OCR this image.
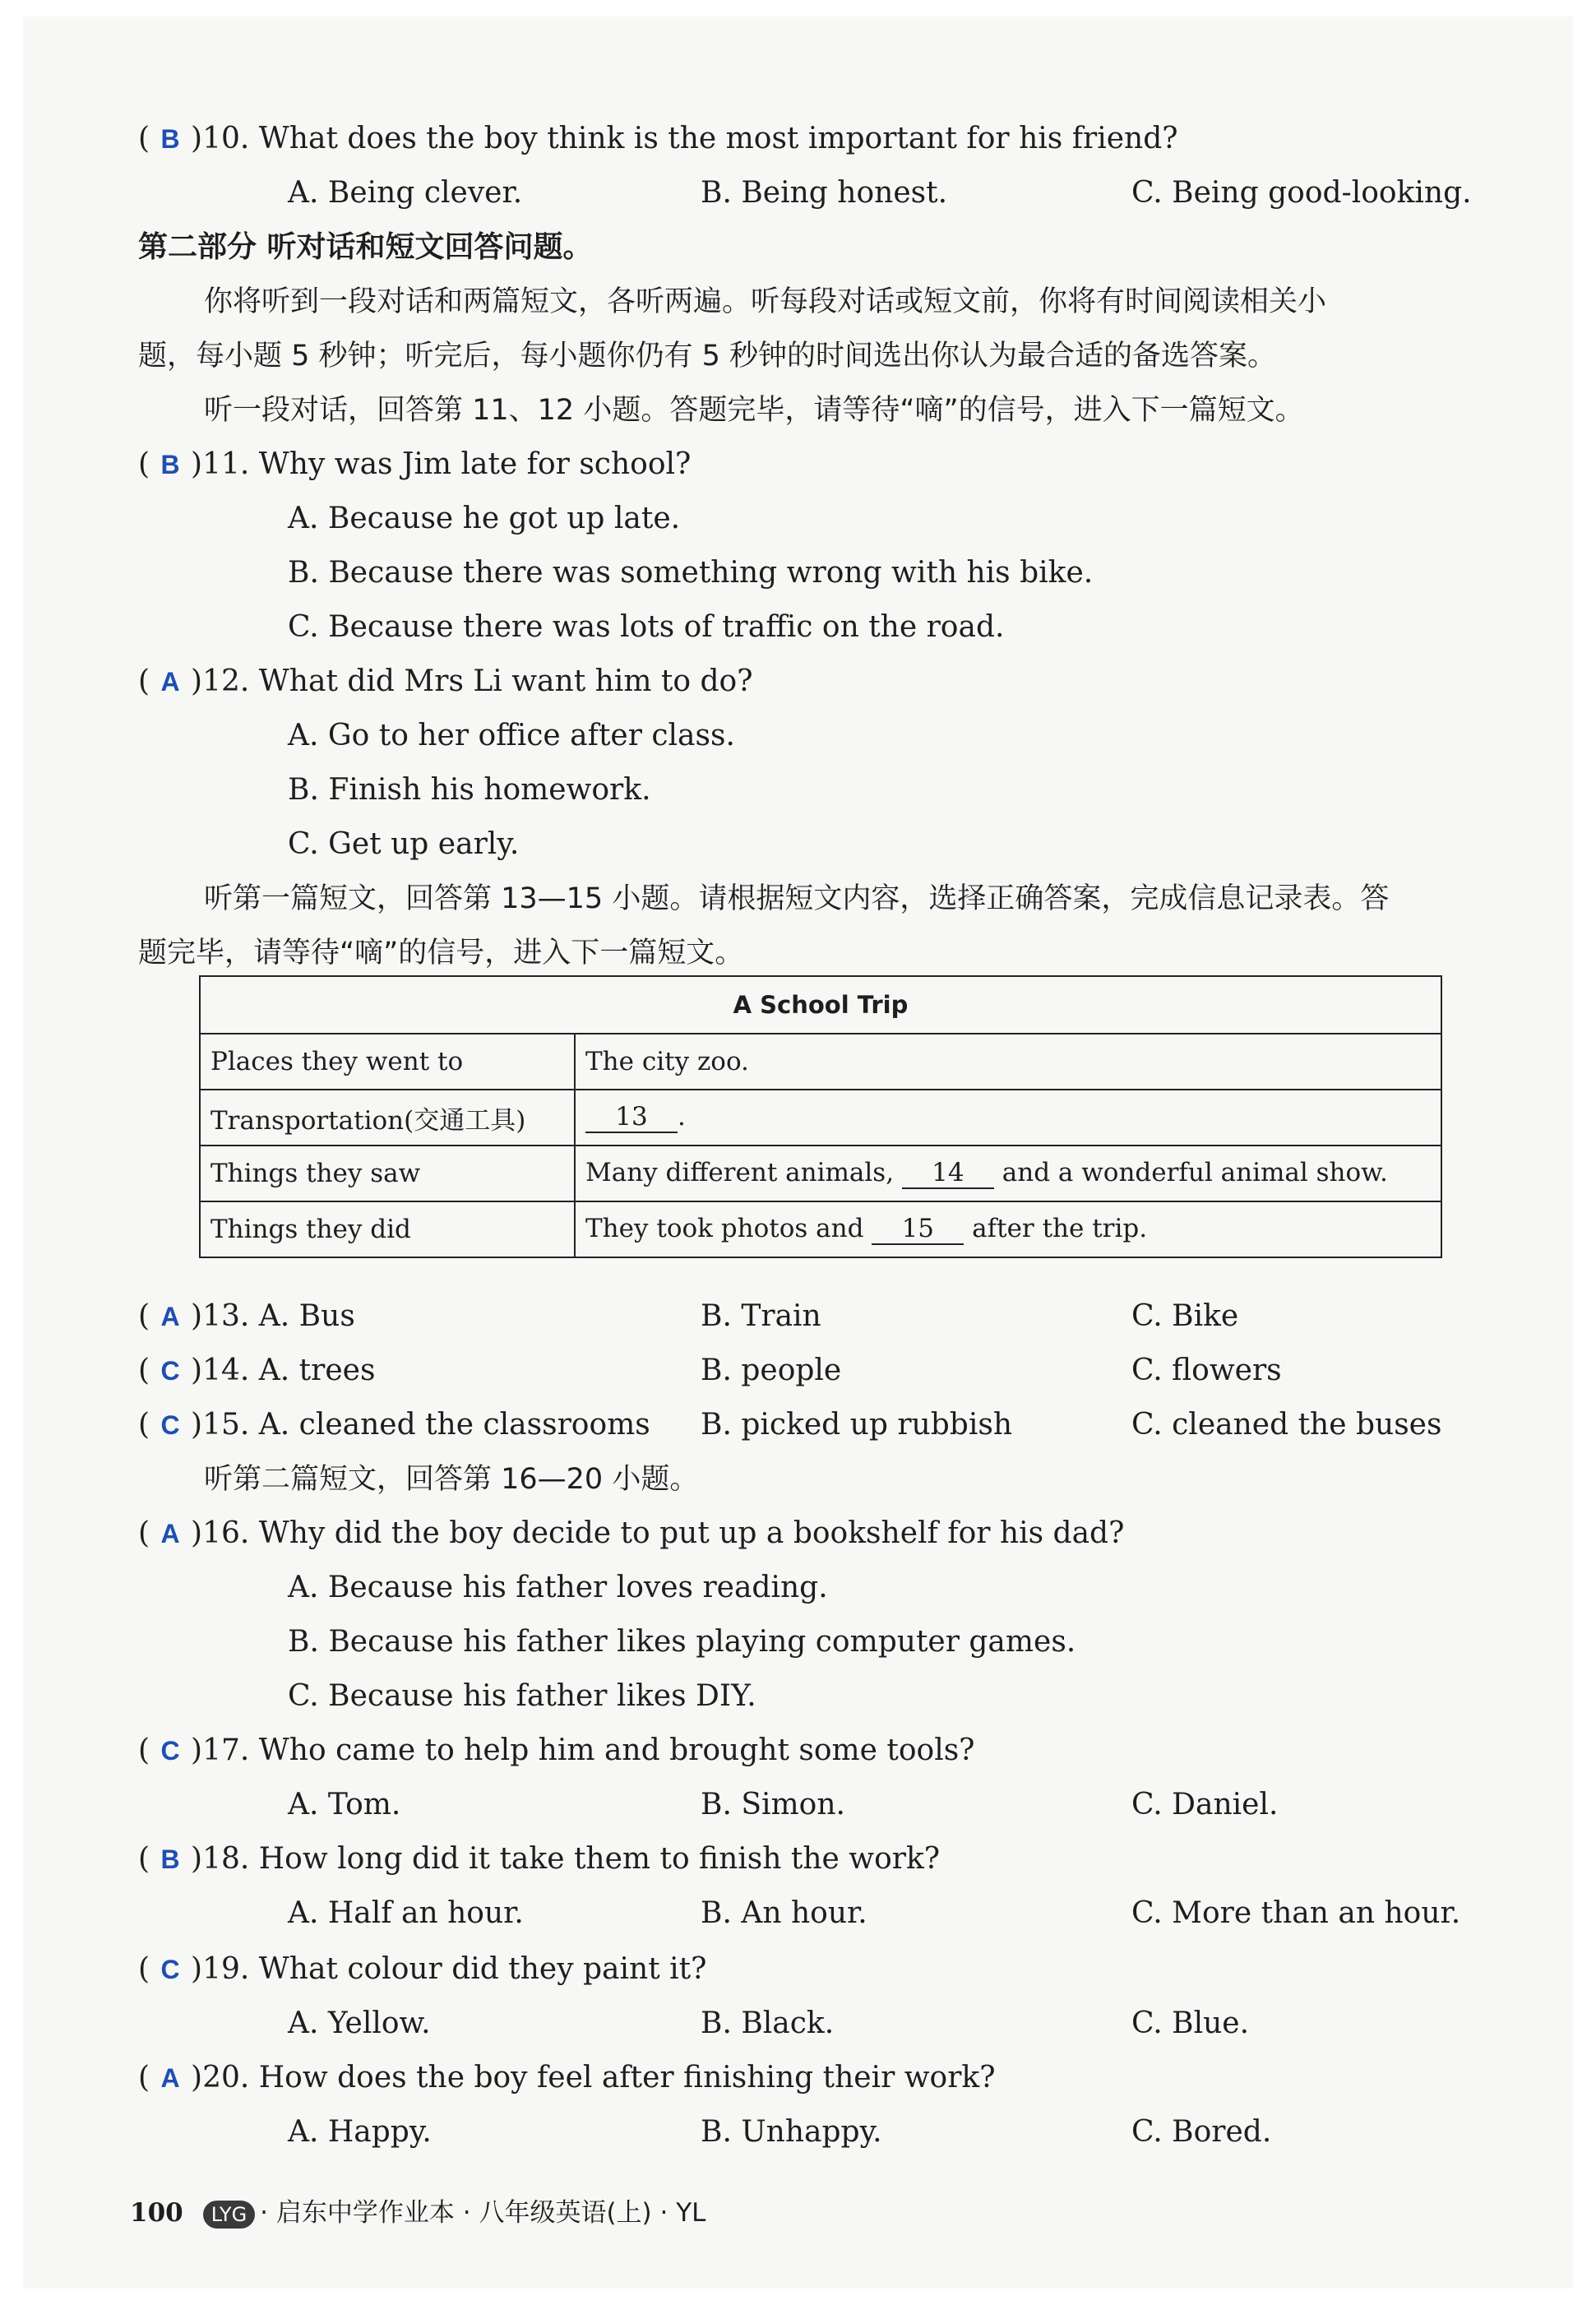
( B )10. What does the boy think is the most important for his friend?
A. Being clever.	B. Being honest.	C. Being good-looking.
第二部分 听对话和短文回答问题。
你将听到一段对话和两篇短文，各听两遍。听每段对话或短文前，你将有时间阅读相关小
题，每小题 5 秒钟；听完后，每小题你仍有 5 秒钟的时间选出你认为最合适的备选答案。
听一段对话，回答第 11、12 小题。答题完毕，请等待“嘀”的信号，进入下一篇短文。
( B )11. Why was Jim late for school?
A. Because he got up late.
B. Because there was something wrong with his bike.
C. Because there was lots of traffic on the road.
( A )12. What did Mrs Li want him to do?
A. Go to her office after class.
B. Finish his homework.
C. Get up early.
听第一篇短文，回答第 13—15 小题。请根据短文内容，选择正确答案，完成信息记录表。答
题完毕，请等待“嘀”的信号，进入下一篇短文。
A School Trip	
Places they went to	The city zoo.
Transportation(交通工具)	13 .
Things they saw	Many different animals, 14 and a wonderful animal show.
Things they did	They took photos and 15 after the trip.
( A )13. A. Bus	B. Train	C. Bike
( C )14. A. trees	B. people	C. flowers
( C )15. A. cleaned the classrooms B. picked up rubbish	C. cleaned the buses
听第二篇短文，回答第 16—20 小题。
( A )16. Why did the boy decide to put up a bookshelf for his dad?
A. Because his father loves reading.
B. Because his father likes playing computer games.
C. Because his father likes DIY.
( C )17. Who came to help him and brought some tools?
A. Tom.	B. Simon.	C. Daniel.
( B )18. How long did it take them to finish the work?
A. Half an hour.	B. An hour.	C. More than an hour.
( C )19. What colour did they paint it?
A. Yellow.	B. Black.	C. Blue.
( A )20. How does the boy feel after finishing their work?
A. Happy.	B. Unhappy.	C. Bored.
100 LYG · 启东中学作业本 · 八年级英语(上) · YL
